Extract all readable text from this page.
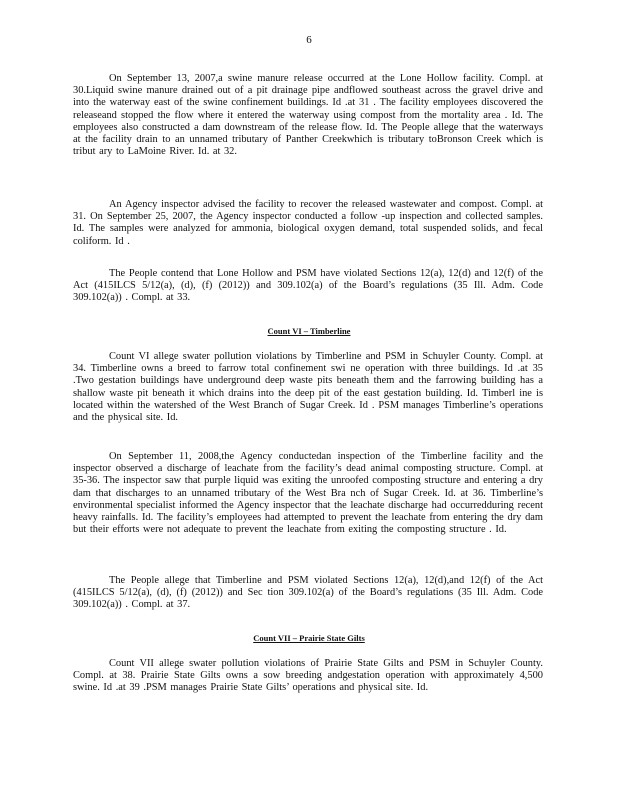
6

On September 13, 2007,a swine manure release occurred at the Lone Hollow facility. Compl. at 30.Liquid swine manure drained out of a pit drainage pipe andflowed southeast across the gravel drive and into the waterway east of the swine confinement buildings. Id .at 31 . The facility employees discovered the releaseand stopped the flow where it entered the waterway using compost from the mortality area . Id. The employees also constructed a dam downstream of the release flow. Id. The People allege that the waterways at the facility drain to an unnamed tributary of Panther Creekwhich is tributary toBronson Creek which is tribut ary to LaMoine River. Id. at 32.

An Agency inspector advised the facility to recover the released wastewater and compost. Compl. at 31. On September 25, 2007, the Agency inspector conducted a follow -up inspection and collected samples. Id. The samples were analyzed for ammonia, biological oxygen demand, total suspended solids, and fecal coliform. Id .

The People contend that Lone Hollow and PSM have violated Sections 12(a), 12(d) and 12(f) of the Act (415ILCS 5/12(a), (d), (f) (2012)) and 309.102(a) of the Board’s regulations (35 Ill. Adm. Code 309.102(a)) . Compl. at 33.

Count VI – Timberline

Count VI allege swater pollution violations by Timberline and PSM in Schuyler County. Compl. at 34. Timberline owns a breed to farrow total confinement swi ne operation with three buildings. Id .at 35 .Two gestation buildings have underground deep waste pits beneath them and the farrowing building has a shallow waste pit beneath it which drains into the deep pit of the east gestation building. Id. Timberl ine is located within the watershed of the West Branch of Sugar Creek. Id . PSM manages Timberline’s operations and the physical site. Id.

On September 11, 2008,the Agency conductedan inspection of the Timberline facility and the inspector observed a discharge of leachate from the facility’s dead animal composting structure. Compl. at 35-36. The inspector saw that purple liquid was exiting the unroofed composting structure and entering a dry dam that discharges to an unnamed tributary of the West Bra nch of Sugar Creek. Id. at 36. Timberline’s environmental specialist informed the Agency inspector that the leachate discharge had occurredduring recent heavy rainfalls. Id. The facility’s employees had attempted to prevent the leachate from entering the dry dam but their efforts were not adequate to prevent the leachate from exiting the composting structure . Id.

The People allege that Timberline and PSM violated Sections 12(a), 12(d),and 12(f) of the Act (415ILCS 5/12(a), (d), (f) (2012)) and Sec tion 309.102(a) of the Board’s regulations (35 Ill. Adm. Code 309.102(a)) . Compl. at 37.

Count VII – Prairie State Gilts

Count VII allege swater pollution violations of Prairie State Gilts and PSM in Schuyler County. Compl. at 38. Prairie State Gilts owns a sow breeding andgestation operation with approximately 4,500 swine. Id .at 39 .PSM manages Prairie State Gilts’ operations and physical site. Id.
